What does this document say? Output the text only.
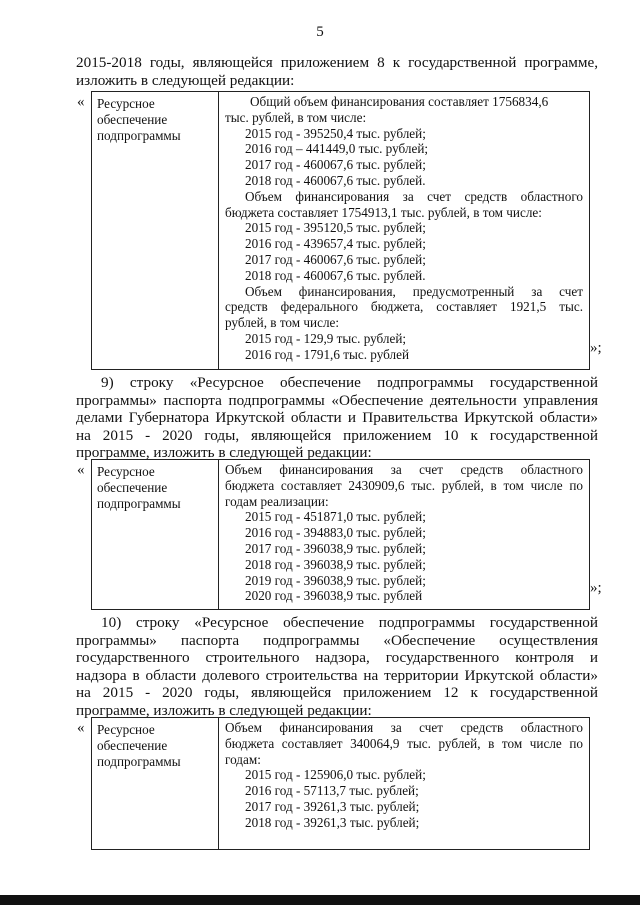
5

2015-2018 годы, являющейся приложением 8 к государственной программе,
изложить в следующей редакции:

« Ресурсное
обеспечение
подпрограммы
Общий объем финансирования составляет 1756834,6
тыс. рублей, в том числе:
2015 год - 395250,4 тыс. рублей;
2016 год – 441449,0 тыс. рублей;
2017 год - 460067,6 тыс. рублей;
2018 год - 460067,6 тыс. рублей.
Объем финансирования за счет средств областного
бюджета составляет 1754913,1 тыс. рублей, в том числе:
2015 год - 395120,5 тыс. рублей;
2016 год - 439657,4 тыс. рублей;
2017 год - 460067,6 тыс. рублей;
2018 год - 460067,6 тыс. рублей.
Объем финансирования, предусмотренный за счет
средств федерального бюджета, составляет 1921,5 тыс.
рублей, в том числе:
2015 год - 129,9 тыс. рублей;
2016 год - 1791,6 тыс. рублей	»;

9) строку «Ресурсное обеспечение подпрограммы государственной
программы» паспорта подпрограммы «Обеспечение деятельности управления
делами Губернатора Иркутской области и Правительства Иркутской области»
на 2015 - 2020 годы, являющейся приложением 10 к государственной
программе, изложить в следующей редакции:

« Ресурсное
обеспечение
подпрограммы
Объем финансирования за счет средств областного
бюджета составляет 2430909,6 тыс. рублей, в том числе по
годам реализации:
2015 год - 451871,0 тыс. рублей;
2016 год - 394883,0 тыс. рублей;
2017 год - 396038,9 тыс. рублей;
2018 год - 396038,9 тыс. рублей;
2019 год - 396038,9 тыс. рублей;
2020 год - 396038,9 тыс. рублей	»;

10) строку «Ресурсное обеспечение подпрограммы государственной
программы» паспорта подпрограммы «Обеспечение осуществления
государственного строительного надзора, государственного контроля и
надзора в области долевого строительства на территории Иркутской области»
на 2015 - 2020 годы, являющейся приложением 12 к государственной
программе, изложить в следующей редакции:

« Ресурсное
обеспечение
подпрограммы
Объем финансирования за счет средств областного
бюджета составляет 340064,9 тыс. рублей, в том числе по
годам:
2015 год - 125906,0 тыс. рублей;
2016 год - 57113,7 тыс. рублей;
2017 год - 39261,3 тыс. рублей;
2018 год - 39261,3 тыс. рублей;
